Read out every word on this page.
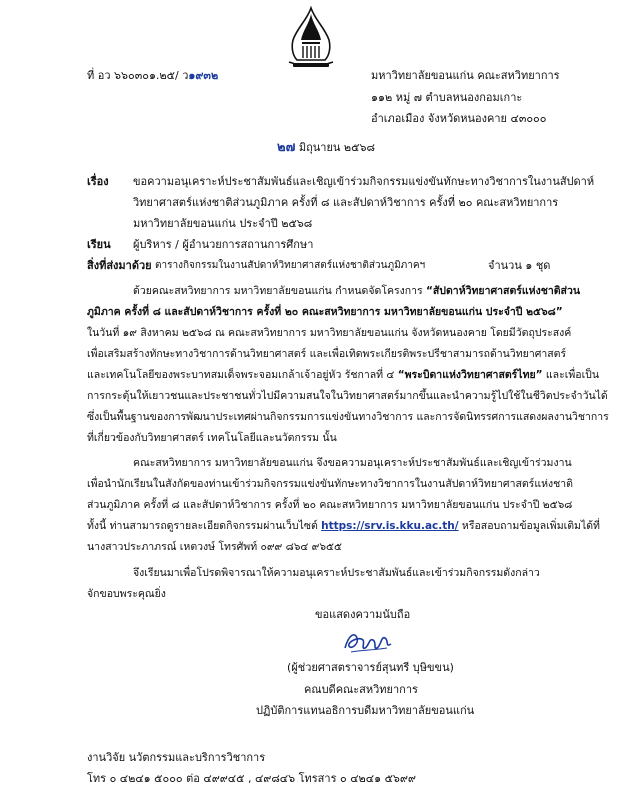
ที่ อว ๖๖๐๓๐๑.๒๕/ ว๑๙๓๒	มหาวิทยาลัยขอนแก่น คณะสหวิทยาการ
๑๑๒ หมู่ ๗ ตำบลหนองกอมเกาะ
อำเภอเมือง จังหวัดหนองคาย ๔๓๐๐๐
๒๗ มิถุนายน ๒๕๖๘
เรื่อง ขอความอนุเคราะห์ประชาสัมพันธ์และเชิญเข้าร่วมกิจกรรมแข่งขันทักษะทางวิชาการในงานสัปดาห์
วิทยาศาสตร์แห่งชาติส่วนภูมิภาค ครั้งที่ ๘ และสัปดาห์วิชาการ ครั้งที่ ๒๐ คณะสหวิทยาการ
มหาวิทยาลัยขอนแก่น ประจำปี ๒๕๖๘
เรียน ผู้บริหาร / ผู้อำนวยการสถานการศึกษา
สิ่งที่ส่งมาด้วย ตารางกิจกรรมในงานสัปดาห์วิทยาศาสตร์แห่งชาติส่วนภูมิภาคฯ	จำนวน ๑ ชุด
ด้วยคณะสหวิทยาการ มหาวิทยาลัยขอนแก่น กำหนดจัดโครงการ “สัปดาห์วิทยาศาสตร์แห่งชาติส่วน
ภูมิภาค ครั้งที่ ๘ และสัปดาห์วิชาการ ครั้งที่ ๒๐ คณะสหวิทยาการ มหาวิทยาลัยขอนแก่น ประจำปี ๒๕๖๘”
ในวันที่ ๑๙ สิงหาคม ๒๕๖๘ ณ คณะสหวิทยาการ มหาวิทยาลัยขอนแก่น จังหวัดหนองคาย โดยมีวัตถุประสงค์
เพื่อเสริมสร้างทักษะทางวิชาการด้านวิทยาศาสตร์ และเพื่อเทิดพระเกียรติพระปรีชาสามารถด้านวิทยาศาสตร์
และเทคโนโลยีของพระบาทสมเด็จพระจอมเกล้าเจ้าอยู่หัว รัชกาลที่ ๔ “พระบิดาแห่งวิทยาศาสตร์ไทย” และเพื่อเป็น
การกระตุ้นให้เยาวชนและประชาชนทั่วไปมีความสนใจในวิทยาศาสตร์มากขึ้นและนำความรู้ไปใช้ในชีวิตประจำวันได้
ซึ่งเป็นพื้นฐานของการพัฒนาประเทศผ่านกิจกรรมการแข่งขันทางวิชาการ และการจัดนิทรรศการแสดงผลงานวิชาการ
ที่เกี่ยวข้องกับวิทยาศาสตร์ เทคโนโลยีและนวัตกรรม นั้น
คณะสหวิทยาการ มหาวิทยาลัยขอนแก่น จึงขอความอนุเคราะห์ประชาสัมพันธ์และเชิญเข้าร่วมงาน
เพื่อนำนักเรียนในสังกัดของท่านเข้าร่วมกิจกรรมแข่งขันทักษะทางวิชาการในงานสัปดาห์วิทยาศาสตร์แห่งชาติ
ส่วนภูมิภาค ครั้งที่ ๘ และสัปดาห์วิชาการ ครั้งที่ ๒๐ คณะสหวิทยาการ มหาวิทยาลัยขอนแก่น ประจำปี ๒๕๖๘
ทั้งนี้ ท่านสามารถดูรายละเอียดกิจกรรมผ่านเว็บไซต์ https://srv.is.kku.ac.th/ หรือสอบถามข้อมูลเพิ่มเติมได้ที่
นางสาวประภาภรณ์ เหตวงษ์ โทรศัพท์ ๐๙๙ ๘๖๔ ๙๖๕๕
จึงเรียนมาเพื่อโปรดพิจารณาให้ความอนุเคราะห์ประชาสัมพันธ์และเข้าร่วมกิจกรรมดังกล่าว
จักขอบพระคุณยิ่ง
ขอแสดงความนับถือ
(ผู้ช่วยศาสตราจารย์สุนทรี บุษิขขน)
คณบดีคณะสหวิทยาการ
ปฏิบัติการแทนอธิการบดีมหาวิทยาลัยขอนแก่น
งานวิจัย นวัตกรรมและบริการวิชาการ
โทร ๐ ๔๒๔๑ ๕๐๐๐ ต่อ ๔๙๙๔๕ , ๔๙๘๔๖ โทรสาร ๐ ๔๒๔๑ ๕๖๙๙
